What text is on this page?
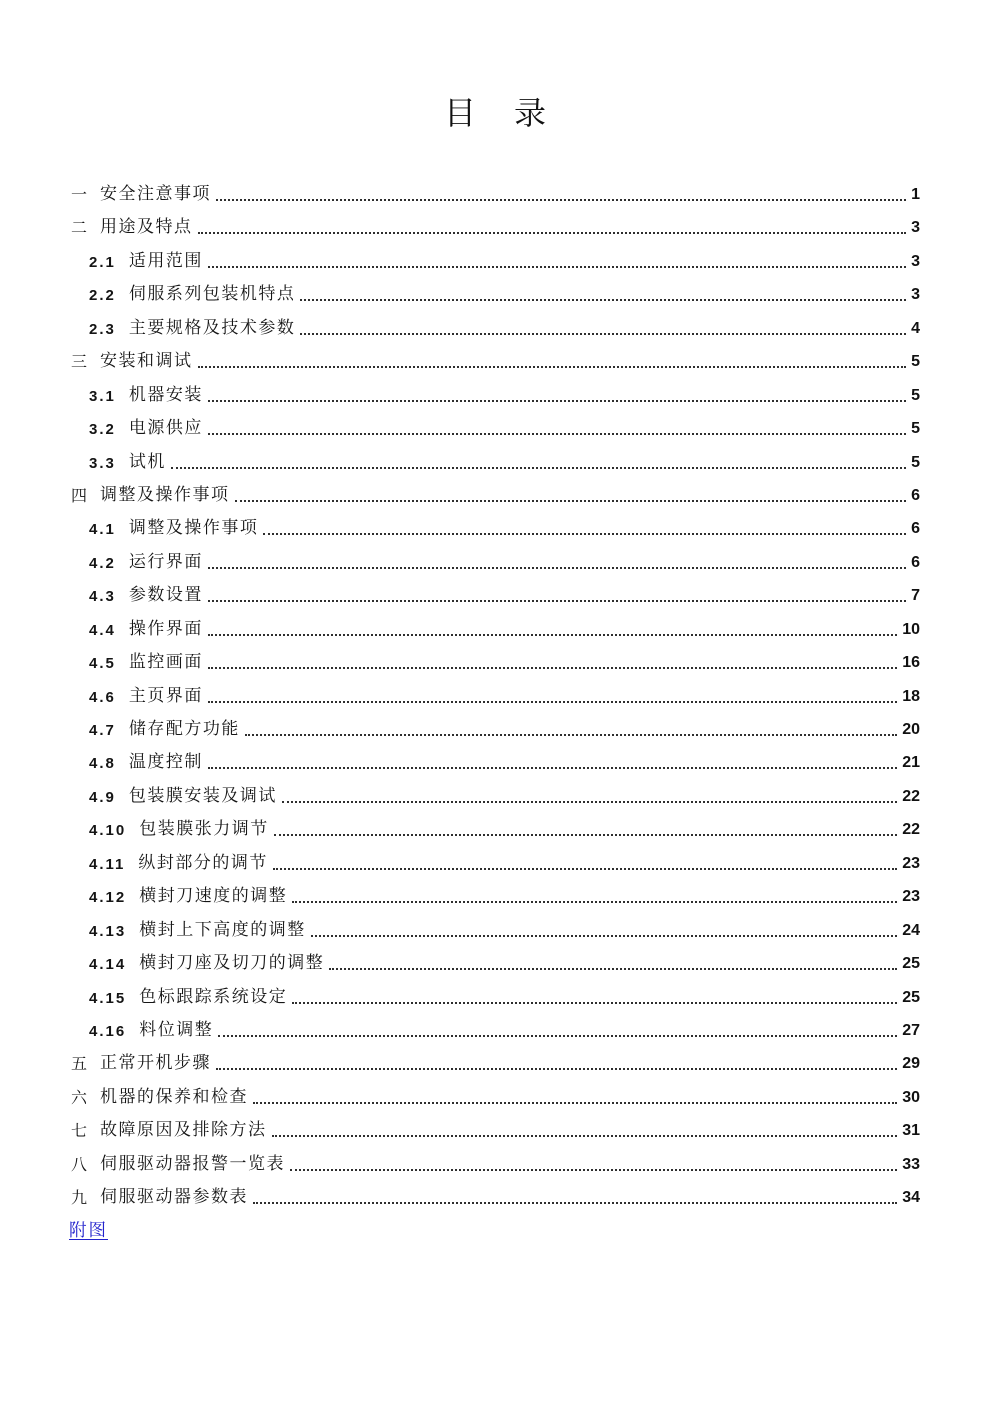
目 录
一 安全注意事项	1
二 用途及特点	3
2.1 适用范围	3
2.2 伺服系列包装机特点	3
2.3 主要规格及技术参数	4
三 安装和调试	5
3.1 机器安装	5
3.2 电源供应	5
3.3 试机	5
四 调整及操作事项	6
4.1 调整及操作事项	6
4.2 运行界面	6
4.3 参数设置	7
4.4 操作界面	10
4.5 监控画面	16
4.6 主页界面	18
4.7 储存配方功能	20
4.8 温度控制	21
4.9 包装膜安装及调试	22
4.10 包装膜张力调节	22
4.11 纵封部分的调节	23
4.12 横封刀速度的调整	23
4.13 横封上下高度的调整	24
4.14 横封刀座及切刀的调整	25
4.15 色标跟踪系统设定	25
4.16 料位调整	27
五 正常开机步骤	29
六 机器的保养和检查	30
七 故障原因及排除方法	31
八 伺服驱动器报警一览表	33
九 伺服驱动器参数表	34
附图
